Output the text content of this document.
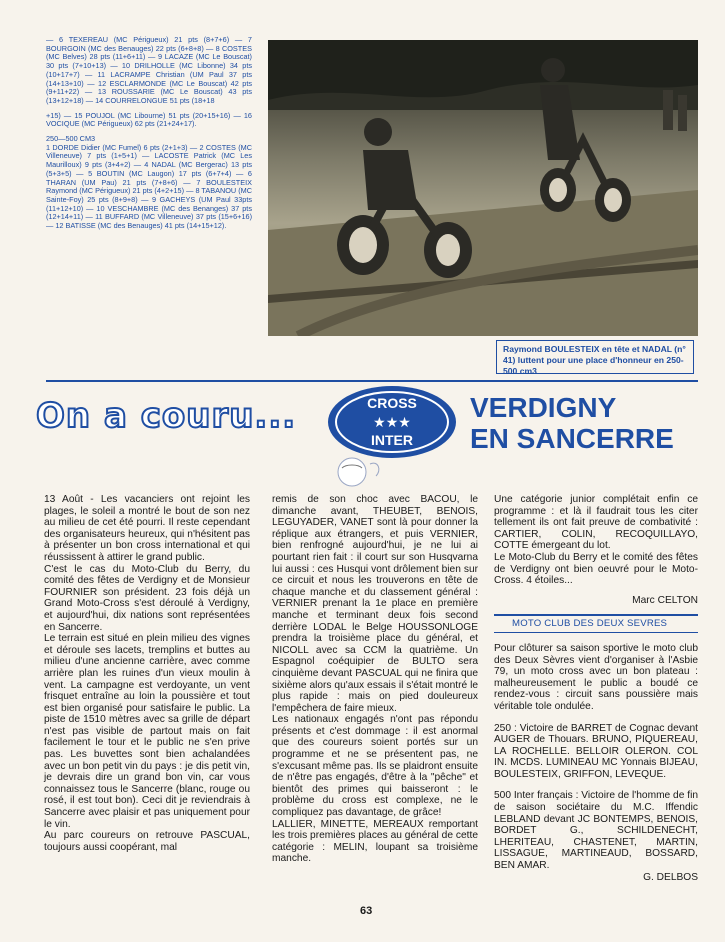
— 6 TEXEREAU (MC Périgueux) 21 pts (8+7+6) — 7 BOURGOIN (MC des Benauges) 22 pts (6+8+8) — 8 COSTES (MC Belves) 28 pts (11+6+11) — 9 LACAZE (MC Le Bouscat) 30 pts (7+10+13) — 10 DRILHOLLE (MC Libonne) 34 pts (10+17+7) — 11 LACRAMPE Christian (UM Paul 37 pts (14+13+10) — 12 ESCLARMONDE (MC Le Bouscat) 42 pts (9+11+22) — 13 ROUSSARIE (MC Le Bouscat) 43 pts (13+12+18) — 14 COURRELONGUE 51 pts (18+18

+15) — 15 POUJOL (MC Libourne) 51 pts (20+15+16) — 16 VOCIQUE (MC Périgueux) 62 pts (21+24+17).

250—500 CM3

1 DORDE Didier (MC Fumel) 6 pts (2+1+3) — 2 COSTES (MC Villeneuve) 7 pts (1+5+1) — LACOSTE Patrick (MC Les Maurilloux) 9 pts (3+4+2) — 4 NADAL (MC Bergerac) 13 pts (5+3+5) — 5 BOUTIN (MC Laugon) 17 pts (6+7+4) — 6 THARAN (UM Pau) 21 pts (7+8+6) — 7 BOULESTEIX Raymond (MC Périgueux) 21 pts (4+2+15) — 8 TABANOU (MC Sainte-Foy) 25 pts (8+9+8) — 9 GACHEYS (UM Paul 33pts (11+12+10) — 10 VESCHAMBRE (MC des Benanges) 37 pts (12+14+11) — 11 BUFFARD (MC Villeneuve) 37 pts (15+6+16) — 12 BATISSE (MC des Benauges) 41 pts (14+15+12).

Raymond BOULESTEIX en tête et NADAL (n° 41) luttent pour une place d'honneur en 250-500 cm3
On a couru...	CROSS
★★★
INTER
VERDIGNY
EN SANCERRE

13 Août - Les vacanciers ont rejoint les plages, le soleil a montré le bout de son nez au milieu de cet été pourri. Il reste cependant des organisateurs heureux, qui n'hésitent pas à présenter un bon cross international et qui réussissent à attirer le grand public.

C'est le cas du Moto-Club du Berry, du comité des fêtes de Verdigny et de Monsieur FOURNIER son président. 23 fois déjà un Grand Moto-Cross s'est déroulé à Verdigny, et aujourd'hui, dix nations sont représentées en Sancerre.

Le terrain est situé en plein milieu des vignes et déroule ses lacets, tremplins et buttes au milieu d'une ancienne carrière, avec comme arrière plan les ruines d'un vieux moulin à vent. La campagne est verdoyante, un vent frisquet entraîne au loin la poussière et tout est bien organisé pour satisfaire le public. La piste de 1510 mètres avec sa grille de départ n'est pas visible de partout mais on fait facilement le tour et le public ne s'en prive pas. Les buvettes sont bien achalandées avec un bon petit vin du pays : je dis petit vin, je devrais dire un grand bon vin, car vous connaissez tous le Sancerre (blanc, rouge ou rosé, il est tout bon). Ceci dit je reviendrais à Sancerre avec plaisir et pas uniquement pour le vin.

Au parc coureurs on retrouve PASCUAL, toujours aussi coopérant, mal

remis de son choc avec BACOU, le dimanche avant, THEUBET, BENOIS, LEGUYADER, VANET sont là pour donner la réplique aux étrangers, et puis VERNIER, bien renfrogné aujourd'hui, je ne lui ai pourtant rien fait : il court sur son Husqvarna lui aussi : ces Husqui vont drôlement bien sur ce circuit et nous les trouverons en tête de chaque manche et du classement général : VERNIER prenant la 1e place en première manche et terminant deux fois second derrière LODAL le Belge HOUSSONLOGE prendra la troisième place du général, et NICOLL avec sa CCM la quatrième. Un Espagnol coéquipier de BULTO sera cinquième devant PASCUAL qui ne finira que sixième alors qu'aux essais il s'était montré le plus rapide : mais on pied douleureux l'empêchera de faire mieux.

Les nationaux engagés n'ont pas répondu présents et c'est dommage : il est anormal que des coureurs soient portés sur un programme et ne se présentent pas, ne s'excusant même pas. Ils se plaidront ensuite de n'être pas engagés, d'être à la "pêche" et bientôt des primes qui baisseront : le problème du cross est complexe, ne le compliquez pas davantage, de grâce!

LALLIER, MINETTE, MEREAUX remportant les trois premières places au général de cette catégorie : MELIN, loupant sa troisième manche.

Une catégorie junior complétait enfin ce programme : et là il faudrait tous les citer tellement ils ont fait preuve de combativité : CARTIER, COLIN, RECOQUILLAYO, COTTE émergeant du lot.

Le Moto-Club du Berry et le comité des fêtes de Verdigny ont bien oeuvré pour le Moto-Cross. 4 étoiles...

Marc CELTON

MOTO CLUB DES DEUX SEVRES

Pour clôturer sa saison sportive le moto club des Deux Sèvres vient d'organiser à l'Asbie 79, un moto cross avec un bon plateau : malheureusement le public a boudé ce rendez-vous : circuit sans poussière mais véritable tole ondulée.

250 : Victoire de BARRET de Cognac devant AUGER de Thouars. BRUNO, PIQUEREAU, LA ROCHELLE. BELLOIR OLERON. COL IN. MCDS. LUMINEAU MC Yonnais BIJEAU, BOULESTEIX, GRIFFON, LEVEQUE.

500 Inter français : Victoire de l'homme de fin de saison sociétaire du M.C. Iffendic LEBLAND devant JC BONTEMPS, BENOIS, BORDET G., SCHILDENECHT, LHERITEAU, CHASTENET, MARTIN, LISSAGUE, MARTINEAUD, BOSSARD, BEN AMAR.

G. DELBOS

63
